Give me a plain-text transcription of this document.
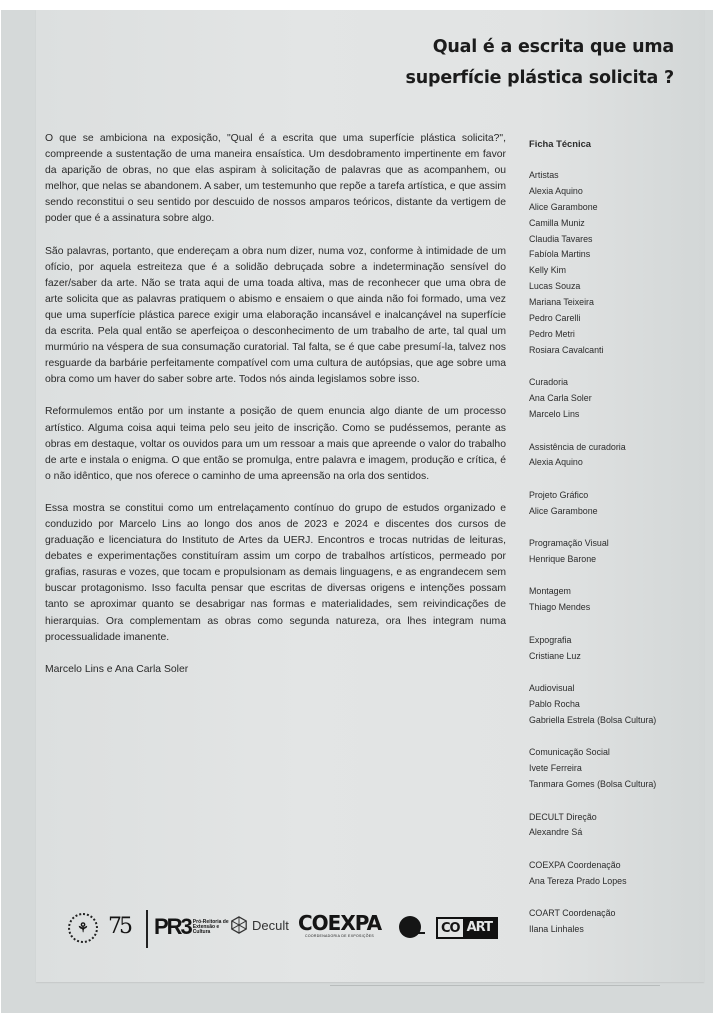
Qual é a escrita que uma
superfície plástica solicita ?

O que se ambiciona na exposição, "Qual é a escrita que uma superfície plástica solicita?", compreende a sustentação de uma maneira ensaística. Um desdobramento impertinente em favor da aparição de obras, no que elas aspiram à solicitação de palavras que as acompanhem, ou melhor, que nelas se abandonem. A saber, um testemunho que repõe a tarefa artística, e que assim sendo reconstitui o seu sentido por descuido de nossos amparos teóricos, distante da vertigem de poder que é a assinatura sobre algo.

São palavras, portanto, que endereçam a obra num dizer, numa voz, conforme à intimidade de um ofício, por aquela estreiteza que é a solidão debruçada sobre a indeterminação sensível do fazer/saber da arte. Não se trata aqui de uma toada altiva, mas de reconhecer que uma obra de arte solicita que as palavras pratiquem o abismo e ensaiem o que ainda não foi formado, uma vez que uma superfície plástica parece exigir uma elaboração incansável e inalcançável na superfície da escrita. Pela qual então se aperfeiçoa o desconhecimento de um trabalho de arte, tal qual um murmúrio na véspera de sua consumação curatorial. Tal falta, se é que cabe presumí-la, talvez nos resguarde da barbárie perfeitamente compatível com uma cultura de autópsias, que age sobre uma obra como um haver do saber sobre arte. Todos nós ainda legislamos sobre isso.

Reformulemos então por um instante a posição de quem enuncia algo diante de um processo artístico. Alguma coisa aqui teima pelo seu jeito de inscrição. Como se pudéssemos, perante as obras em destaque, voltar os ouvidos para um um ressoar a mais que apreende o valor do trabalho de arte e instala o enigma. O que então se promulga, entre palavra e imagem, produção e crítica, é o não idêntico, que nos oferece o caminho de uma apreensão na orla dos sentidos.

Essa mostra se constitui como um entrelaçamento contínuo do grupo de estudos organizado e conduzido por Marcelo Lins ao longo dos anos de 2023 e 2024 e discentes dos cursos de graduação e licenciatura do Instituto de Artes da UERJ. Encontros e trocas nutridas de leituras, debates e experimentações constituíram assim um corpo de trabalhos artísticos, permeado por grafias, rasuras e vozes, que tocam e propulsionam as demais linguagens, e as engrandecem sem buscar protagonismo. Isso faculta pensar que escritas de diversas origens e intenções possam tanto se aproximar quanto se desabrigar nas formas e materialidades, sem reivindicações de hierarquias. Ora complementam as obras como segunda natureza, ora lhes integram numa processualidade imanente.

Marcelo Lins e Ana Carla Soler

Ficha Técnica
Artistas
Alexia Aquino
Alice Garambone
Camilla Muniz
Claudia Tavares
Fabíola Martins
Kelly Kim
Lucas Souza
Mariana Teixeira
Pedro Carelli
Pedro Metri
Rosiara Cavalcanti
Curadoria
Ana Carla Soler
Marcelo Lins
Assistência de curadoria
Alexia Aquino
Projeto Gráfico
Alice Garambone
Programação Visual
Henrique Barone
Montagem
Thiago Mendes
Expografia
Cristiane Luz
Audiovisual
Pablo Rocha
Gabriella Estrela (Bolsa Cultura)
Comunicação Social
Ivete Ferreira
Tanmara Gomes (Bolsa Cultura)
DECULT Direção
Alexandre Sá
COEXPA Coordenação
Ana Tereza Prado Lopes
COART Coordenação
Ilana Linhales
⚘ 75 PR3 Pró-Reitoria de Extensão e Cultura	Decult COEXPA
COORDENADORIA DE EXPOSIÇÕES
CO ART
